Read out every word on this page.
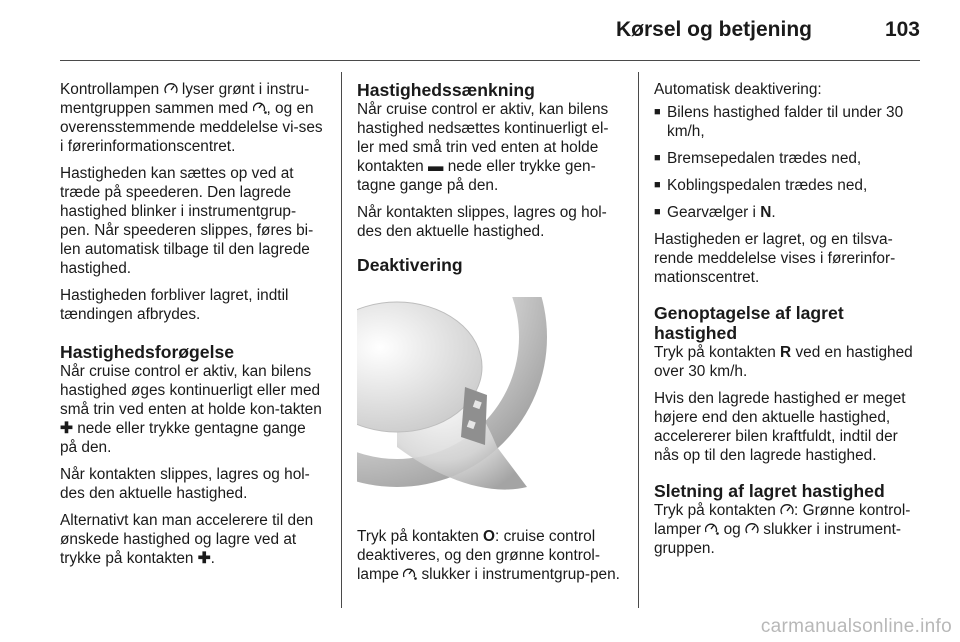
Kørsel og betjening	103

Kontrollampen lyser grønt i instru-mentgruppen sammen med , og en overensstemmende meddelelse vi-ses i førerinformationscentret.

Hastigheden kan sættes op ved at træde på speederen. Den lagrede hastighed blinker i instrumentgrup-pen. Når speederen slippes, føres bi-len automatisk tilbage til den lagrede hastighed.

Hastigheden forbliver lagret, indtil tændingen afbrydes.

Hastighedsforøgelse

Når cruise control er aktiv, kan bilens hastighed øges kontinuerligt eller med små trin ved enten at holde kon-takten ✚ nede eller trykke gentagne gange på den.

Når kontakten slippes, lagres og hol-des den aktuelle hastighed.

Alternativt kan man accelerere til den ønskede hastighed og lagre ved at trykke på kontakten ✚.

Hastighedssænkning

Når cruise control er aktiv, kan bilens hastighed nedsættes kontinuerligt el-ler med små trin ved enten at holde kontakten ▬ nede eller trykke gen-tagne gange på den.

Når kontakten slippes, lagres og hol-des den aktuelle hastighed.

Deaktivering

Tryk på kontakten O: cruise control deaktiveres, og den grønne kontrol-lampe slukker i instrumentgrup-pen.

Automatisk deaktivering:

■ Bilens hastighed falder til under 30 km/h,
■ Bremsepedalen trædes ned,
■ Koblingspedalen trædes ned,
■ Gearvælger i N.

Hastigheden er lagret, og en tilsva-rende meddelelse vises i førerinfor-mationscentret.

Genoptagelse af lagret hastighed

Tryk på kontakten R ved en hastighed over 30 km/h.

Hvis den lagrede hastighed er meget højere end den aktuelle hastighed, accelererer bilen kraftfuldt, indtil der nås op til den lagrede hastighed.

Sletning af lagret hastighed

Tryk på kontakten : Grønne kontrol-lamper og slukker i instrument-gruppen.

carmanualsonline.info
